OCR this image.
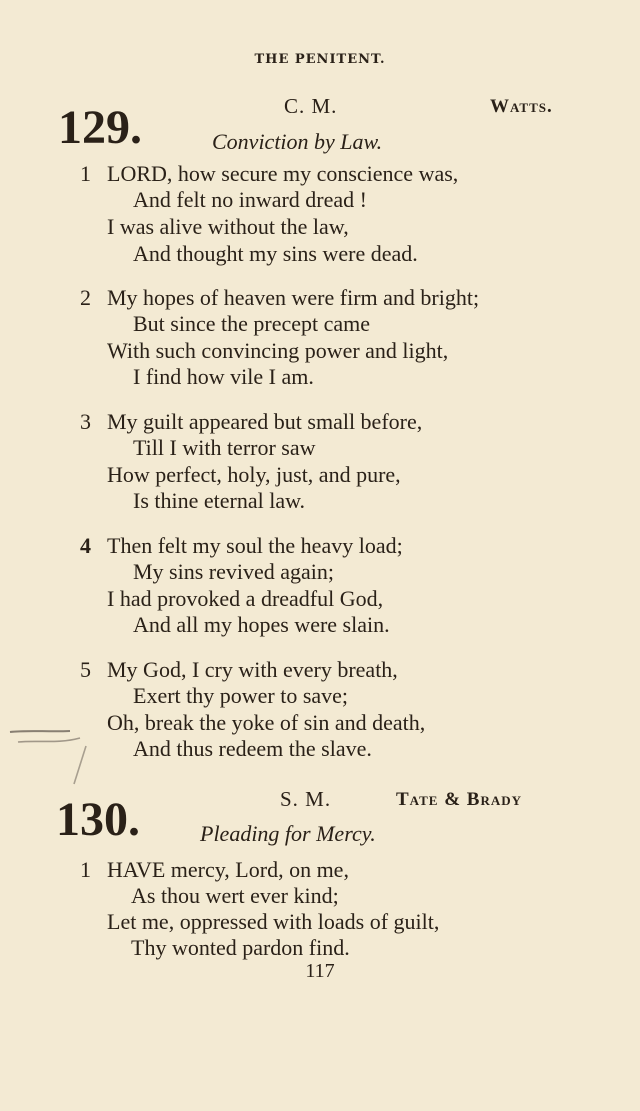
THE PENITENT.
129.	C. M.	Watts.
Conviction by Law.
1 LORD, how secure my conscience was,
And felt no inward dread !
I was alive without the law,
And thought my sins were dead.
2 My hopes of heaven were firm and bright;
But since the precept came
With such convincing power and light,
I find how vile I am.
3 My guilt appeared but small before,
Till I with terror saw
How perfect, holy, just, and pure,
Is thine eternal law.
4 Then felt my soul the heavy load;
My sins revived again;
I had provoked a dreadful God,
And all my hopes were slain.
5 My God, I cry with every breath,
Exert thy power to save;
Oh, break the yoke of sin and death,
And thus redeem the slave.
130.	S. M.	Tate & Brady
Pleading for Mercy.
1 HAVE mercy, Lord, on me,
As thou wert ever kind;
Let me, oppressed with loads of guilt,
Thy wonted pardon find.
117
